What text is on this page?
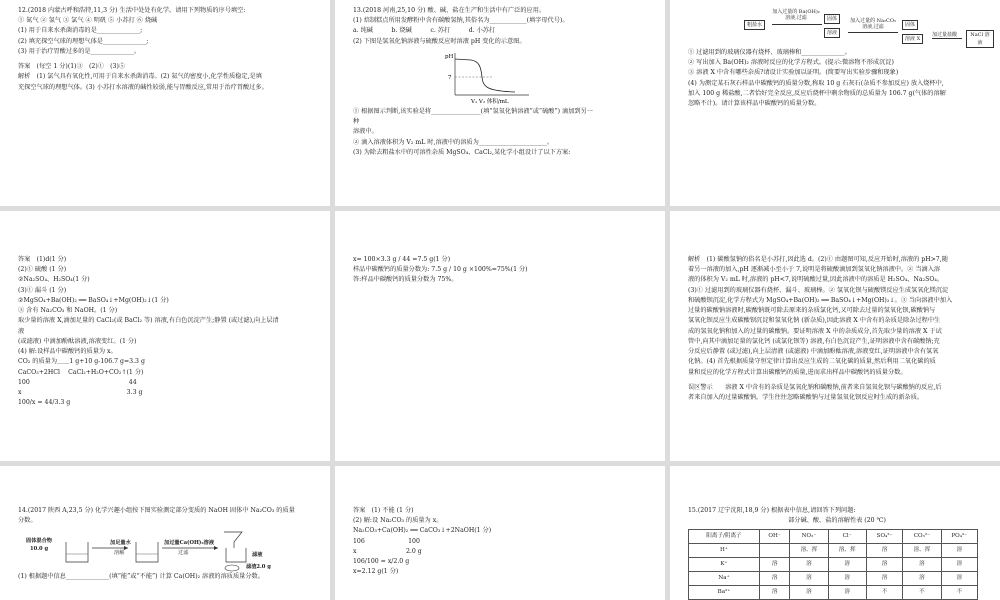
12.(2018 内蒙古呼和浩特,11,3 分) 生活中处处有化学。请用下列物质的序号填空:
① 氮气 ② 氢气 ③ 氯气 ④ 明矾 ⑤ 小苏打 ⑥ 烧碱
(1) 用于自来水杀菌消毒的是______________;
(2) 填充探空气球的理想气体是______________;
(3) 用于治疗胃酸过多的是______________。
答案　(每空 1 分)(1)③　(2)①　(3)⑤
解析　(1) 氯气具有氧化性,可用于自来水杀菌消毒。(2) 氦气的密度小,化学性质稳定,是填
充探空气球的理想气体。(3) 小苏打水溶液的碱性较弱,能与胃酸反应,常用于治疗胃酸过多。
13.(2018 河南,25,10 分) 酸、碱、盐在生产和生活中有广泛的应用。
(1) 焙制糕点所用发酵粉中含有碳酸氢钠,其俗名为____________(填字母代号)。
a. 纯碱　　　b. 烧碱　　　c. 苏打　　　d. 小苏打
(2) 下图是氢氧化钠溶液与硫酸反应时溶液 pH 变化的示意图。
pH
7
V₁ V₂ 体积/mL
① 根据图示判断,该实验是将________________(填“氢氧化钠溶液”或“硫酸”) 滴加到另一
种
溶液中。
② 滴入溶液体积为 V₂ mL 时,溶液中的溶质为______________________。
(3) 为除去粗盐水中的可溶性杂质 MgSO₄、CaCl₂,某化学小组设计了以下方案:
粗盐水
加入过量的 Ba(OH)₂ 溶液,过滤	固体
溶液
加入过量的 Na₂CO₃ 溶液,过滤	固体
溶液 X
加过量盐酸	NaCl 溶液
① 过滤用到的玻璃仪器有烧杯、玻璃棒和______________。
② 写出加入 Ba(OH)₂ 溶液时反应的化学方程式。(提示:微溶物不形成沉淀)
③ 溶液 X 中含有哪些杂质?请设计实验加以证明。(简要写出实验步骤和现象)
(4) 为测定某石灰石样品中碳酸钙的质量分数,称取 10 g 石灰石(杂质不参加反应) 放入烧杯中,
加入 100 g 稀盐酸,二者恰好完全反应,反应后烧杯中剩余物质的总质量为 106.7 g(气体的溶解
忽略不计)。请计算该样品中碳酸钙的质量分数。
答案　(1)d(1 分)
(2)① 硫酸 (1 分)
②Na₂SO₄、H₂SO₄(1 分)
(3)① 漏斗 (1 分)
②MgSO₄+Ba(OH)₂ ══ BaSO₄↓+Mg(OH)₂↓(1 分)
③ 含有 Na₂CO₃ 和 NaOH。(1 分)
取少量的溶液 X,滴加足量的 CaCl₂(或 BaCl₂ 等) 溶液,有白色沉淀产生;静置 (或过滤),向上层清
液
(或滤液) 中滴加酚酞溶液,溶液变红。(1 分)
(4) 解:设样品中碳酸钙的质量为 x。
CO₂ 的质量为＿＿1 g+10 g-106.7 g=3.3 g
CaCO₃+2HCl　 CaCl₂+H₂O+CO₂↑(1 分)
100　　　　　　　　　　　　　　　　44
x　　　　　　　　　　　　　　　　　3.3 g
100/x = 44/3.3 g
x= 100×3.3 g / 44 =7.5 g(1 分)
样品中碳酸钙的质量分数为: 7.5 g / 10 g ×100%=75%(1 分)
答:样品中碳酸钙的质量分数为 75%。
解析　(1) 碳酸氢钠的俗名是小苏打,因此选 d。(2)① 由题图可知,反应开始时,溶液的 pH>7,随
着另一溶液的加入,pH 逐渐减小至小于 7,说明是将硫酸滴加到氢氧化钠溶液中。② 当滴入溶
液的体积为 V₂ mL 时,溶液的 pH<7,说明硫酸过量,因此溶液中的溶质是 H₂SO₄、Na₂SO₄。
(3)① 过滤用到的玻璃仪器有烧杯、漏斗、玻璃棒。② 氢氧化钡与硫酸镁反应生成氢氧化镁沉淀
和硫酸钡沉淀,化学方程式为 MgSO₄+Ba(OH)₂ ══ BaSO₄↓+Mg(OH)₂↓。③ 当向溶液中加入
过量的碳酸钠溶液时,碳酸钠既可除去原来的杂质氯化钙,又可除去过量的氢氧化钡,碳酸钠与
氢氧化钡反应生成碳酸钡沉淀和氢氧化钠 (新杂质),因此溶液 X 中含有的杂质是除杂过程中生
成的氢氧化钠和加入的过量的碳酸钠。要证明溶液 X 中的杂质成分,首先取少量的溶液 X 于试
管中,向其中滴加足量的氯化钙 (或氯化钡等) 溶液,有白色沉淀产生,证明溶液中含有碳酸钠;充
分反应后静置 (或过滤),向上层清液 (或滤液) 中滴加酚酞溶液,溶液变红,证明溶液中含有氢氧
化钠。(4) 首先根据质量守恒定律计算出反应生成的二氧化碳的质量,然后利用二氧化碳的质
量和反应的化学方程式计算出碳酸钙的质量,进而求出样品中碳酸钙的质量分数。
误区警示　　溶液 X 中含有的杂质是氢氧化钠和碳酸钠,前者来自氢氧化钡与碳酸钠的反应,后
者来自加入的过量碳酸钠。学生往往忽略碳酸钠与过量氢氧化钡反应时生成的新杂质。
14.(2017 陕西 A,23,5 分) 化学兴趣小组按下图实验测定部分变质的 NaOH 固体中 Na₂CO₃ 的质量
分数。
固体混合物
10.0 g
加足量水
溶解
加过量Ca(OH)₂溶液
过滤	滤液
滤渣2.0 g
(1) 根据题中信息______________(填“能”或“不能”) 计算 Ca(OH)₂ 溶液的溶质质量分数。
答案　(1) 不能 (1 分)
(2) 解:设 Na₂CO₃ 的质量为 x。
Na₂CO₃+Ca(OH)₂ ══ CaCO₃↓+2NaOH(1 分)
106　　　　　　　100
x　　　　　　　　2.0 g
106/100 = x/2.0 g
x=2.12 g(1 分)
15.(2017 辽宁沈阳,18,9 分) 根据表中信息,请回答下列问题:
部分碱、酸、盐的溶解性表 (20 ℃)
阳离子/阴离子	OH⁻	NO₃⁻	Cl⁻	SO₄²⁻	CO₃²⁻	PO₄³⁻
H⁺		溶、挥	溶、挥	溶	溶、挥	溶
K⁺	溶	溶	溶	溶	溶	溶
Na⁺	溶	溶	溶	溶	溶	溶
Ba²⁺	溶	溶	溶	不	不	不
